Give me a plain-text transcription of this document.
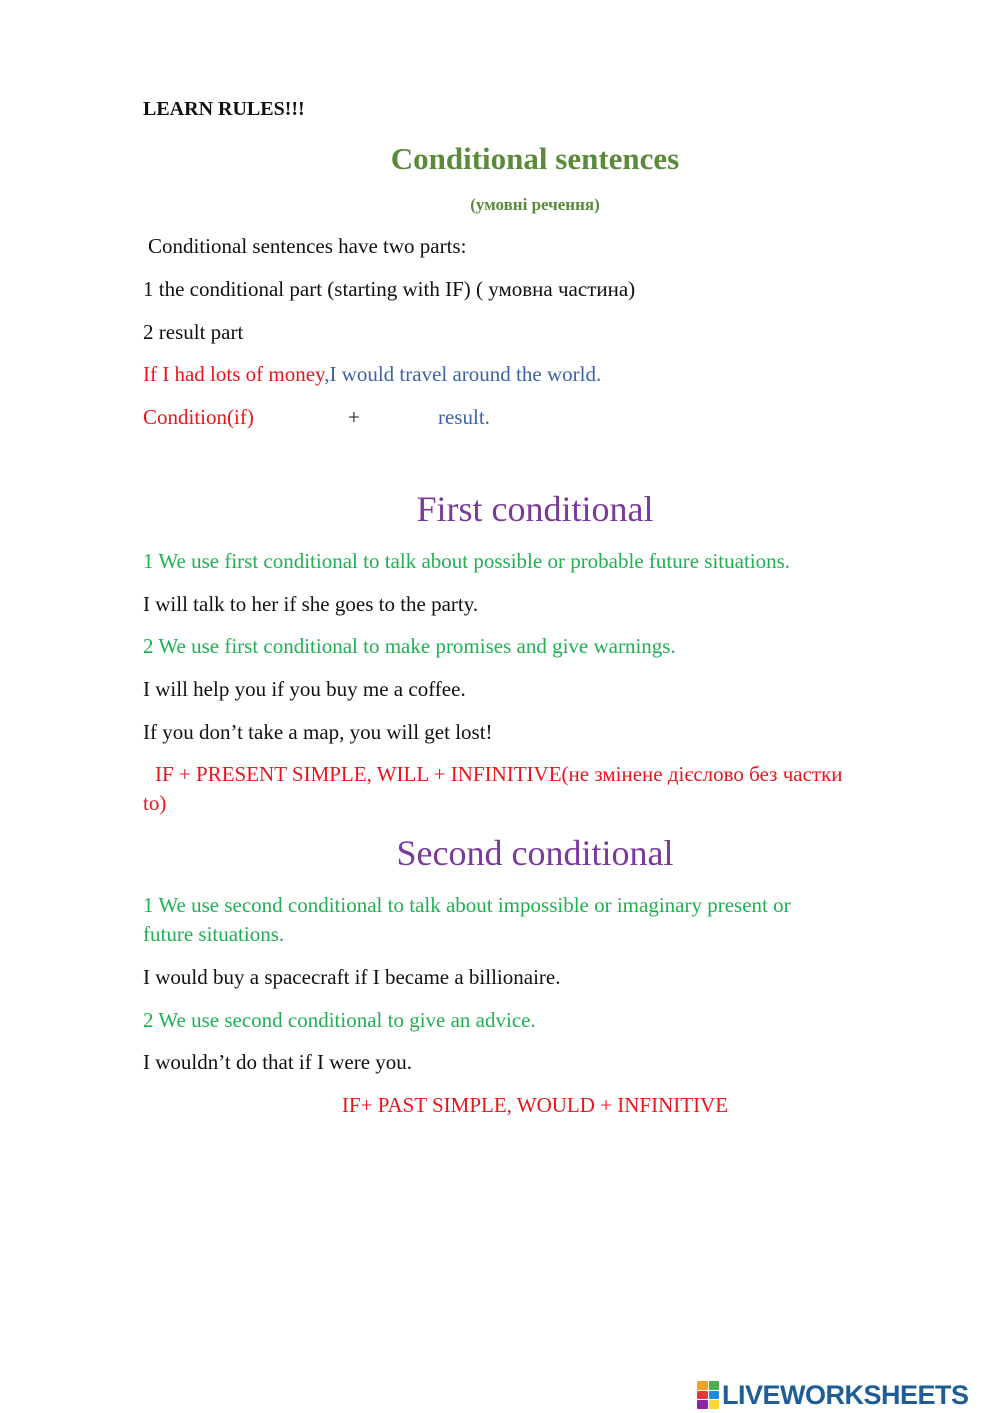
LEARN RULES!!!
Conditional sentences
(умовні речення)
Conditional sentences have two parts:
1 the conditional part (starting with IF) ( умовна частина)
2 result part
If I had lots of money,I would travel around the world.
Condition(if)	+	result.
First conditional
1 We use first conditional to talk about possible or probable future situations.
I will talk to her if she goes to the party.
2 We use first conditional to make promises and give warnings.
I will help you if you buy me a coffee.
If you don’t take a map, you will get lost!
IF + PRESENT SIMPLE, WILL + INFINITIVE(не змінене дієслово без частки
to)
Second conditional
1 We use second conditional to talk about impossible or imaginary present or
future situations.
I would buy a spacecraft if I became a billionaire.
2 We use second conditional to give an advice.
I wouldn’t do that if I were you.
IF+ PAST SIMPLE, WOULD + INFINITIVE
LIVEWORKSHEETS
